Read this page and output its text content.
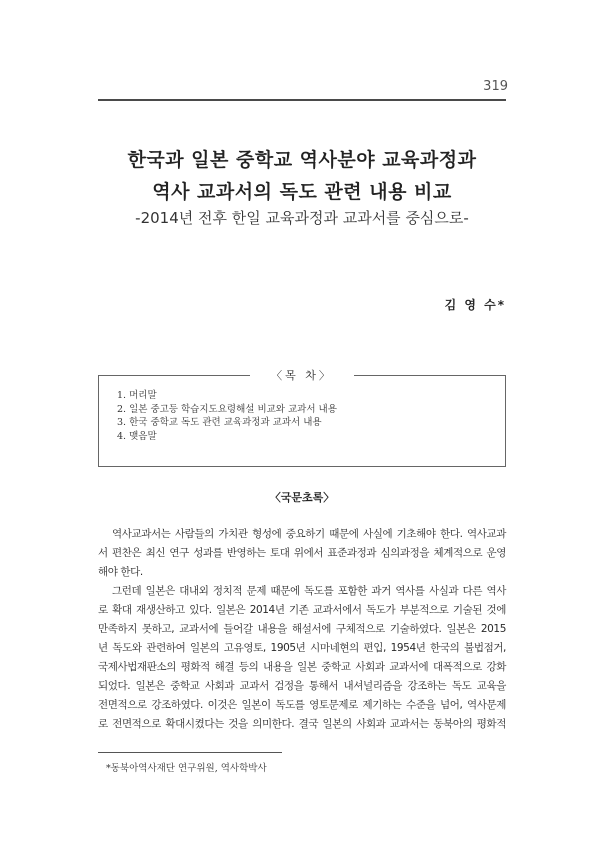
319
한국과 일본 중학교 역사분야 교육과정과
역사 교과서의 독도 관련 내용 비교
-2014년 전후 한일 교육과정과 교과서를 중심으로-
김 영 수*
〈목 차〉
1. 머리말
2. 일본 중고등 학습지도요령해설 비교와 교과서 내용
3. 한국 중학교 독도 관련 교육과정과 교과서 내용
4. 맺음말
〈국문초록〉
역사교과서는 사람들의 가치관 형성에 중요하기 때문에 사실에 기초해야 한다. 역사교과
서 편찬은 최신 연구 성과를 반영하는 토대 위에서 표준과정과 심의과정을 체계적으로 운영
해야 한다.
그런데 일본은 대내외 정치적 문제 때문에 독도를 포함한 과거 역사를 사실과 다른 역사
로 확대 재생산하고 있다. 일본은 2014년 기존 교과서에서 독도가 부분적으로 기술된 것에
만족하지 못하고, 교과서에 들어갈 내용을 해설서에 구체적으로 기술하였다. 일본은 2015
년 독도와 관련하여 일본의 고유영토, 1905년 시마네현의 편입, 1954년 한국의 불법점거,
국제사법재판소의 평화적 해결 등의 내용을 일본 중학교 사회과 교과서에 대폭적으로 강화
되었다. 일본은 중학교 사회과 교과서 검정을 통해서 내셔널리즘을 강조하는 독도 교육을
전면적으로 강조하였다. 이것은 일본이 독도를 영토문제로 제기하는 수준을 넘어, 역사문제
로 전면적으로 확대시켰다는 것을 의미한다. 결국 일본의 사회과 교과서는 동북아의 평화적
*동북아역사재단 연구위원, 역사학박사
